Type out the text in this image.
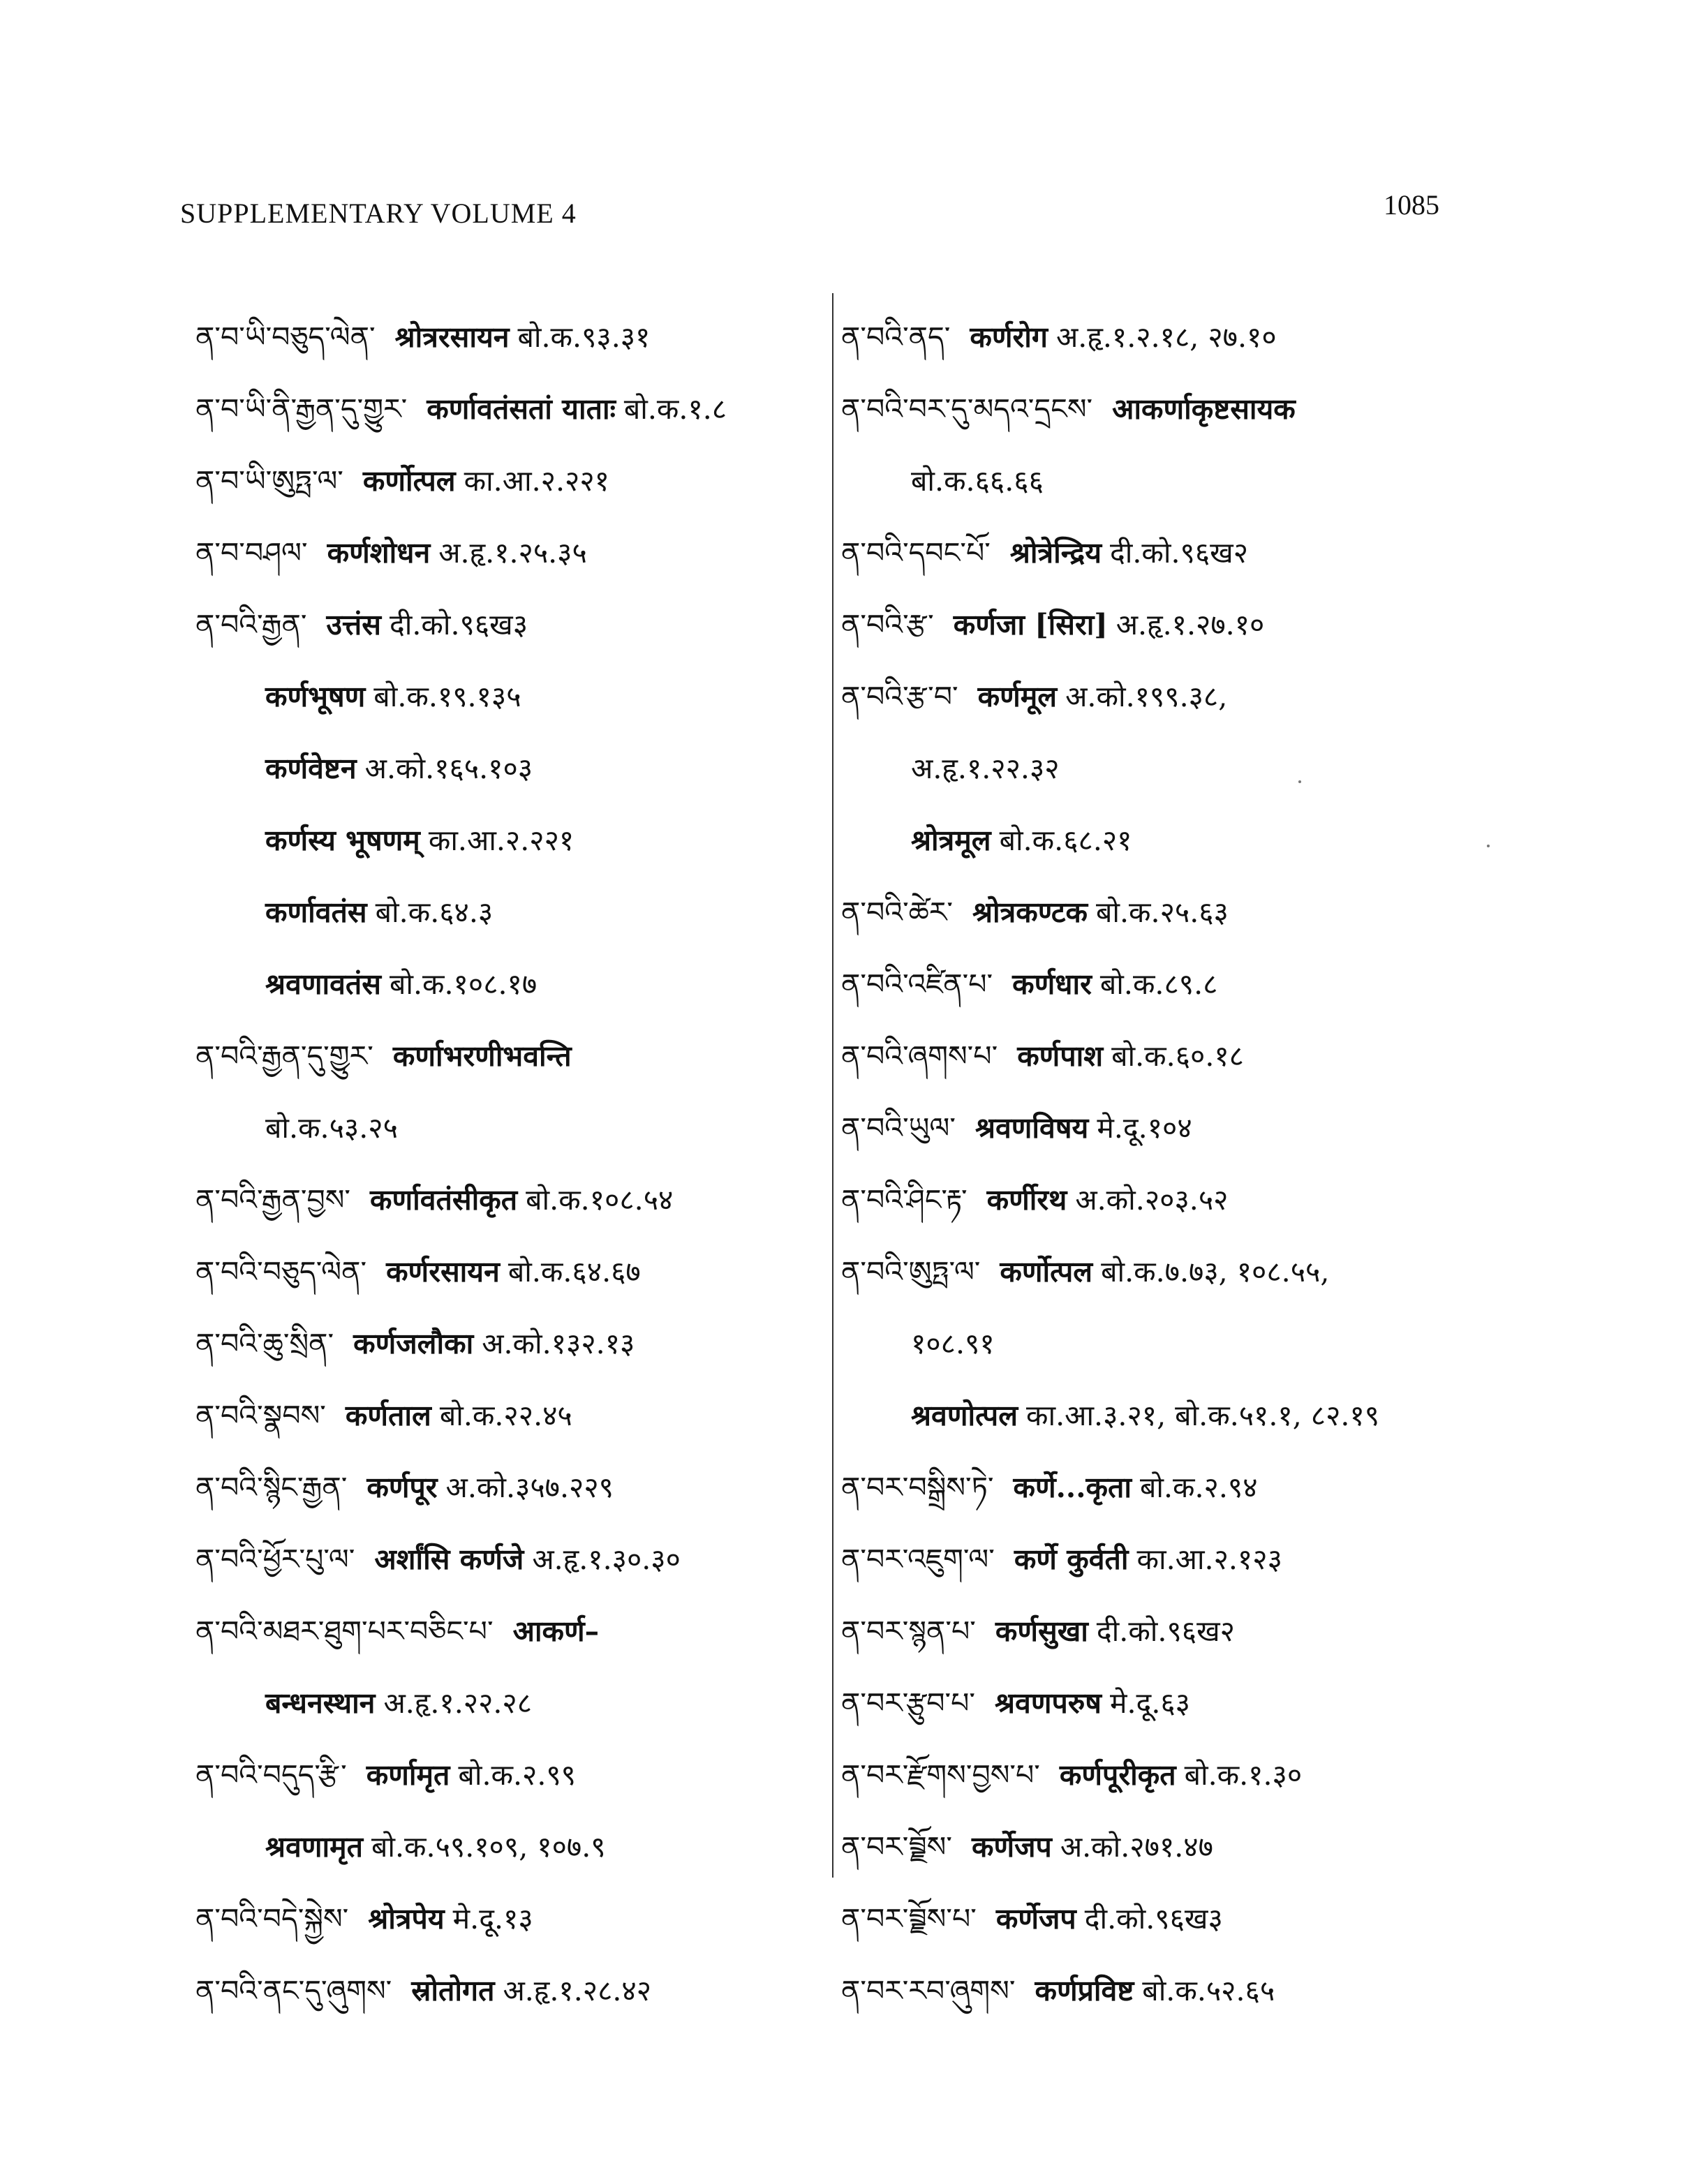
SUPPLEMENTARY VOLUME 4	1085
ན་བ་ཡི་བཅུད་ལེན་ श्रोत्ररसायन बो.क.९३.३१
ན་བ་ཡི་ནི་རྒྱན་དུ་གྱུར་ कर्णावतंसतां याताः बो.क.१.८
ན་བ་ཡི་ཨུཏྤ་ལ་ कर्णोत्पल का.आ.२.२२१
ན་བ་བཤལ་ कर्णशोधन अ.हृ.१.२५.३५
ན་བའི་རྒྱན་ उत्तंस दी.को.९६ख३
कर्णभूषण बो.क.१९.१३५
कर्णवेष्टन अ.को.१६५.१०३
कर्णस्य भूषणम् का.आ.२.२२१
कर्णावतंस बो.क.६४.३
श्रवणावतंस बो.क.१०८.१७
ན་བའི་རྒྱན་དུ་གྱུར་ कर्णाभरणीभवन्ति
बो.क.५३.२५
ན་བའི་རྒྱན་བྱས་ कर्णावतंसीकृत बो.क.१०८.५४
ན་བའི་བཅུད་ལེན་ कर्णरसायन बो.क.६४.६७
ན་བའི་ཆུ་སྲིན་ कर्णजलौका अ.को.१३२.१३
ན་བའི་སྣབས་ कर्णताल बो.क.२२.४५
ན་བའི་སྙིང་རྒྱན་ कर्णपूर अ.को.३५७.२२९
ན་བའི་ཕྱོར་པུ་ལ་ अर्शांसि कर्णजे अ.हृ.१.३०.३०
ན་བའི་མཐར་ཐུག་པར་བཅིང་པ་ आकर्ण–
बन्धनस्थान अ.हृ.१.२२.२८
ན་བའི་བདུད་རྩི་ कर्णामृत बो.क.२.९९
श्रवणामृत बो.क.५९.१०९, १०७.९
ན་བའི་བདེ་སྐྱེས་ श्रोत्रपेय मे.दू.१३
ན་བའི་ནང་དུ་ཞུགས་ स्रोतोगत अ.हृ.१.२८.४२
ན་བའི་ནད་ कर्णरोग अ.हृ.१.२.१८, २७.१०
ན་བའི་བར་དུ་མདའ་དྲངས་ आकर्णाकृष्टसायक
बो.क.६६.६६
ན་བའི་དབང་པོ་ श्रोत्रेन्द्रिय दी.को.९६ख२
ན་བའི་རྩ་ कर्णजा [सिरा] अ.हृ.१.२७.१०
ན་བའི་རྩ་བ་ कर्णमूल अ.को.१९९.३८,
अ.हृ.१.२२.३२
श्रोत्रमूल बो.क.६८.२१
ན་བའི་ཚེར་ श्रोत्रकण्टक बो.क.२५.६३
ན་བའི་འཛིན་པ་ कर्णधार बो.क.८९.८
ན་བའི་ཞགས་པ་ कर्णपाश बो.क.६०.१८
ན་བའི་ཡུལ་ श्रवणविषय मे.दू.१०४
ན་བའི་ཤིང་རྟ་ कर्णीरथ अ.को.२०३.५२
ན་བའི་ཨུཏྤ་ལ་ कर्णोत्पल बो.क.७.७३, १०८.५५,
१०८.९१
श्रवणोत्पल का.आ.३.२१, बो.क.५१.१, ८२.१९
ན་བར་བསྒྲིས་ཏེ་ कर्णे...कृता बो.क.२.९४
ན་བར་འཇུག་ལ་ कर्णे कुर्वती का.आ.२.१२३
ན་བར་སྙན་པ་ कर्णसुखा दी.को.९६ख२
ན་བར་རྩུབ་པ་ श्रवणपरुष मे.दू.६३
ན་བར་རྫོགས་བྱས་པ་ कर्णपूरीकृत बो.क.१.३०
ན་བར་བྲྗོས་ कर्णेजप अ.को.२७१.४७
ན་བར་བྲྗོས་པ་ कर्णेजप दी.को.९६ख३
ན་བར་རབ་ཞུགས་ कर्णप्रविष्ट बो.क.५२.६५
